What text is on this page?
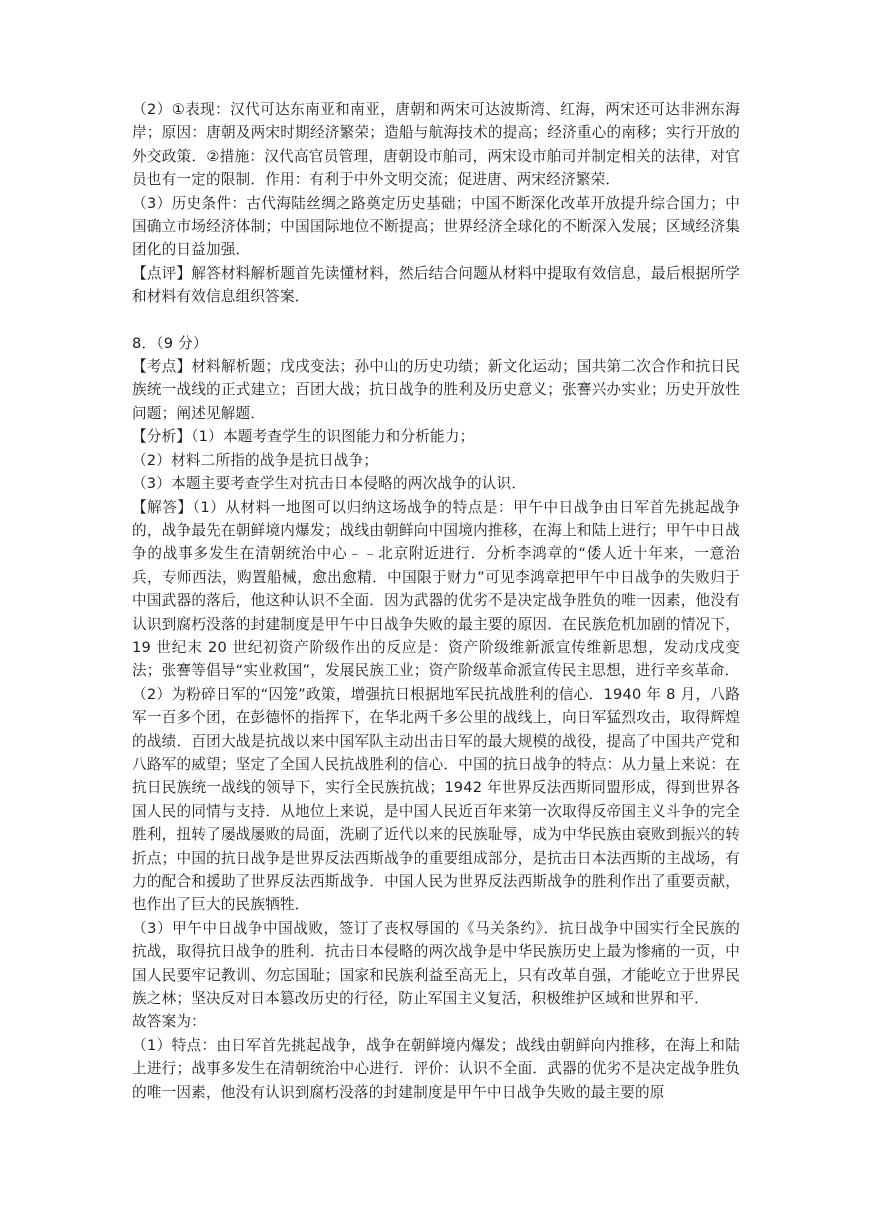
（2）①表现：汉代可达东南亚和南亚，唐朝和两宋可达波斯湾、红海，两宋还可达非洲东海岸；原因：唐朝及两宋时期经济繁荣；造船与航海技术的提高；经济重心的南移；实行开放的外交政策．②措施：汉代高官员管理，唐朝设市舶司，两宋设市舶司并制定相关的法律，对官员也有一定的限制．作用：有利于中外文明交流；促进唐、两宋经济繁荣．

（3）历史条件：古代海陆丝绸之路奠定历史基础；中国不断深化改革开放提升综合国力；中国确立市场经济体制；中国国际地位不断提高；世界经济全球化的不断深入发展；区域经济集团化的日益加强．

【点评】解答材料解析题首先读懂材料，然后结合问题从材料中提取有效信息，最后根据所学和材料有效信息组织答案．

8．（9 分）

【考点】材料解析题；戊戌变法；孙中山的历史功绩；新文化运动；国共第二次合作和抗日民族统一战线的正式建立；百团大战；抗日战争的胜利及历史意义；张謇兴办实业；历史开放性问题；阐述见解题．

【分析】（1）本题考查学生的识图能力和分析能力；

（2）材料二所指的战争是抗日战争；

（3）本题主要考查学生对抗击日本侵略的两次战争的认识．

【解答】（1）从材料一地图可以归纳这场战争的特点是：甲午中日战争由日军首先挑起战争的，战争最先在朝鲜境内爆发；战线由朝鲜向中国境内推移，在海上和陆上进行；甲午中日战争的战事多发生在清朝统治中心﹣﹣北京附近进行．分析李鸿章的“倭人近十年来，一意治兵，专师西法，购置船械，愈出愈精．中国限于财力”可见李鸿章把甲午中日战争的失败归于中国武器的落后，他这种认识不全面．因为武器的优劣不是决定战争胜负的唯一因素，他没有认识到腐朽没落的封建制度是甲午中日战争失败的最主要的原因．在民族危机加剧的情况下，19 世纪末 20 世纪初资产阶级作出的反应是：资产阶级维新派宣传维新思想，发动戊戌变法；张謇等倡导“实业救国”，发展民族工业；资产阶级革命派宣传民主思想，进行辛亥革命．

（2）为粉碎日军的“囚笼”政策，增强抗日根据地军民抗战胜利的信心．1940 年 8 月，八路军一百多个团，在彭德怀的指挥下，在华北两千多公里的战线上，向日军猛烈攻击，取得辉煌的战绩．百团大战是抗战以来中国军队主动出击日军的最大规模的战役，提高了中国共产党和八路军的威望；坚定了全国人民抗战胜利的信心．中国的抗日战争的特点：从力量上来说：在抗日民族统一战线的领导下，实行全民族抗战；1942 年世界反法西斯同盟形成，得到世界各国人民的同情与支持．从地位上来说，是中国人民近百年来第一次取得反帝国主义斗争的完全胜利，扭转了屡战屡败的局面，洗刷了近代以来的民族耻辱，成为中华民族由衰败到振兴的转折点；中国的抗日战争是世界反法西斯战争的重要组成部分，是抗击日本法西斯的主战场，有力的配合和援助了世界反法西斯战争．中国人民为世界反法西斯战争的胜利作出了重要贡献，也作出了巨大的民族牺牲．

（3）甲午中日战争中国战败，签订了丧权辱国的《马关条约》．抗日战争中国实行全民族的抗战，取得抗日战争的胜利．抗击日本侵略的两次战争是中华民族历史上最为惨痛的一页，中国人民要牢记教训、勿忘国耻；国家和民族利益至高无上，只有改革自强，才能屹立于世界民族之林；坚决反对日本篡改历史的行径，防止军国主义复活，积极维护区域和世界和平．

故答案为：

（1）特点：由日军首先挑起战争，战争在朝鲜境内爆发；战线由朝鲜向内推移，在海上和陆上进行；战事多发生在清朝统治中心进行．评价：认识不全面．武器的优劣不是决定战争胜负的唯一因素，他没有认识到腐朽没落的封建制度是甲午中日战争失败的最主要的原
